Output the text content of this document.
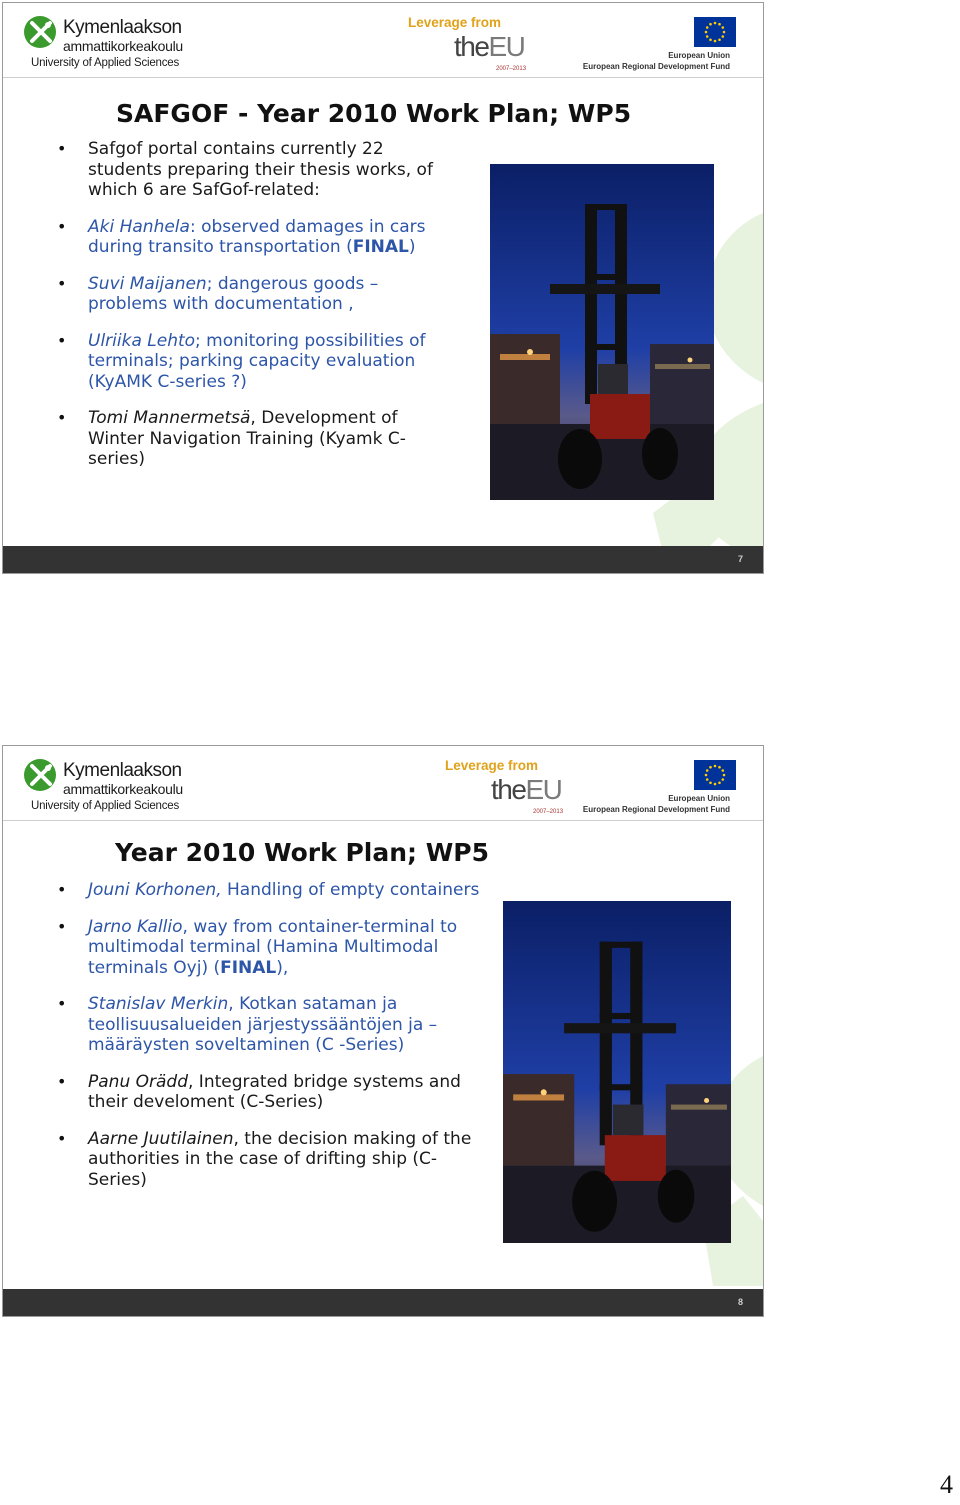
Kymenlaakson
ammattikorkeakoulu
University of Applied Sciences
Leverage from
theEU
2007–2013
European Union
European Regional Development Fund
SAFGOF - Year 2010 Work Plan; WP5
• Safgof portal contains currently 22 students preparing their thesis works, of which 6 are SafGof-related:
• Aki Hanhela: observed damages in cars during transito transportation (FINAL)
• Suvi Maijanen; dangerous goods – problems with documentation ,
• Ulriika Lehto; monitoring possibilities of terminals; parking capacity evaluation (KyAMK C-series ?)
• Tomi Mannermetsä, Development of Winter Navigation Training (Kyamk C-series)
7
Kymenlaakson
ammattikorkeakoulu
University of Applied Sciences
Leverage from
theEU
2007–2013
European Union
European Regional Development Fund
Year 2010 Work Plan; WP5
• Jouni Korhonen, Handling of empty containers
• Jarno Kallio, way from container-terminal to multimodal terminal (Hamina Multimodal terminals Oyj) (FINAL),
• Stanislav Merkin, Kotkan sataman ja teollisuusalueiden järjestyssääntöjen ja –määräysten soveltaminen (C -Series)
• Panu Orädd, Integrated bridge systems and their develoment (C-Series)
• Aarne Juutilainen, the decision making of the authorities in the case of drifting ship (C-Series)
8
4
